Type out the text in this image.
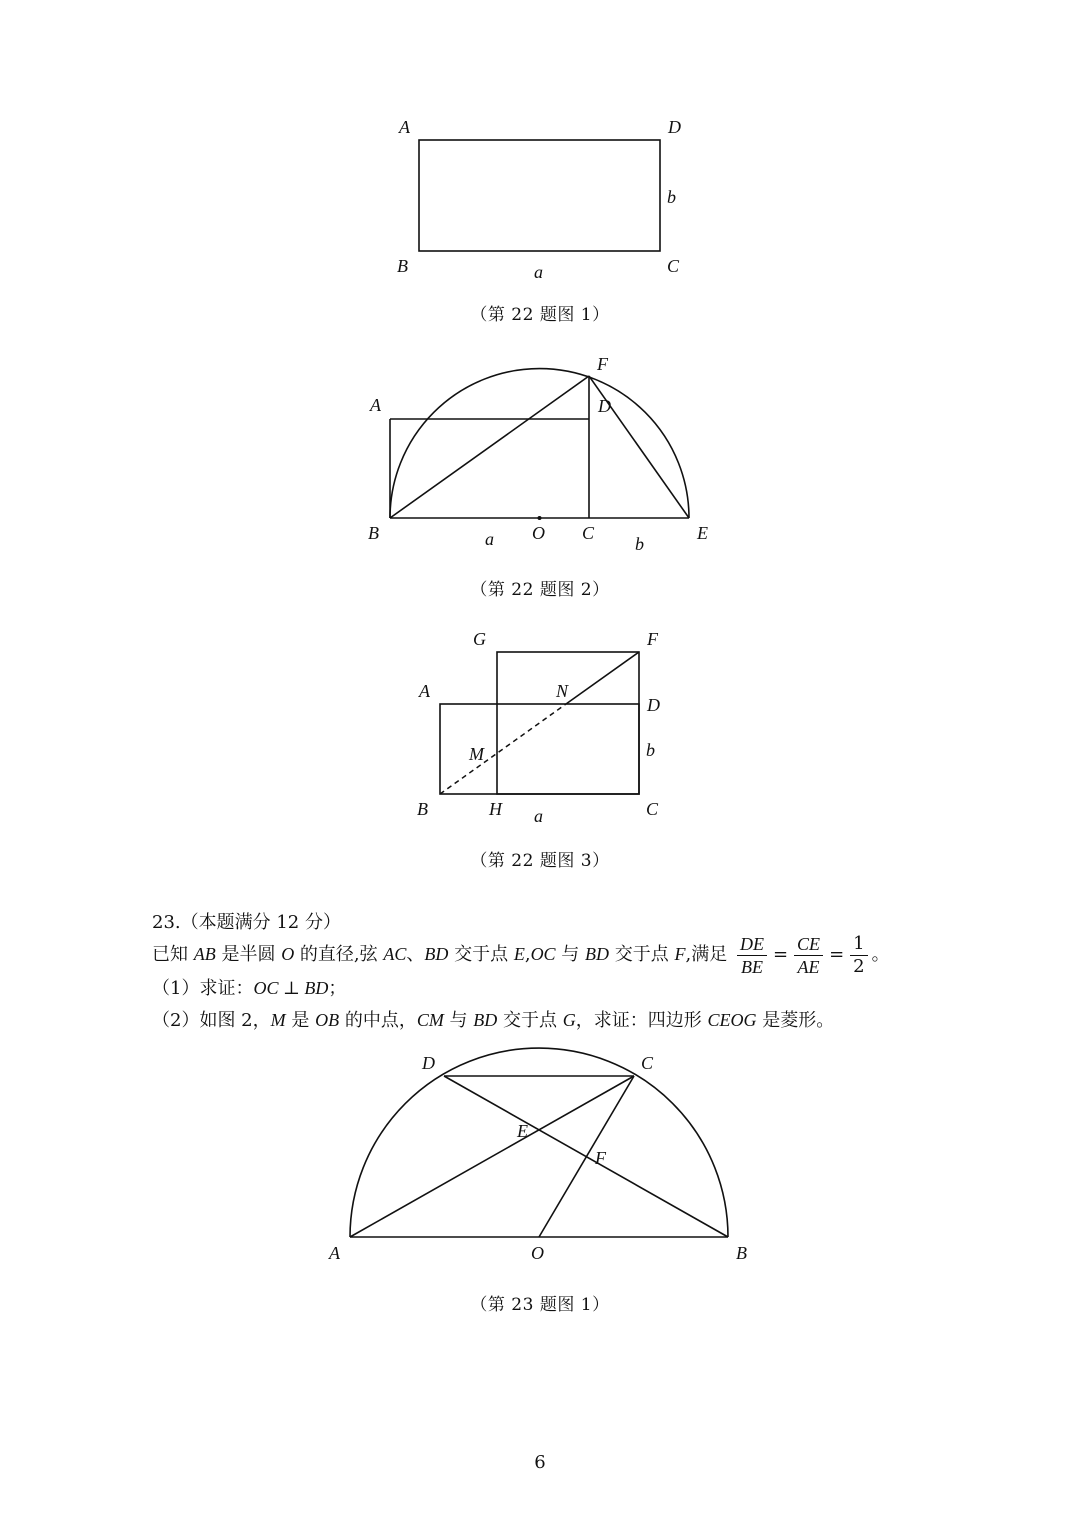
A	D
b
B	C
a
（第 22 题图 1）
F
A	D
B	a O C
b
E
（第 22 题图 2）
G	F
A	N
D
M	b
B	H a	C
（第 22 题图 3）
23.（本题满分 12 分）
已知 AB 是半圆 O 的直径,弦 AC、BD 交于点 E,OC 与 BD 交于点 F,满足 $\frac{DE}{BE} = \frac{CE}{AE} = \frac{1}{2}$ 。
（1）求证：OC ⊥ BD；
（2）如图 2，M 是 OB 的中点，CM 与 BD 交于点 G，求证：四边形 CEOG 是菱形。
D	C
E
F
A	O	B
（第 23 题图 1）
6
